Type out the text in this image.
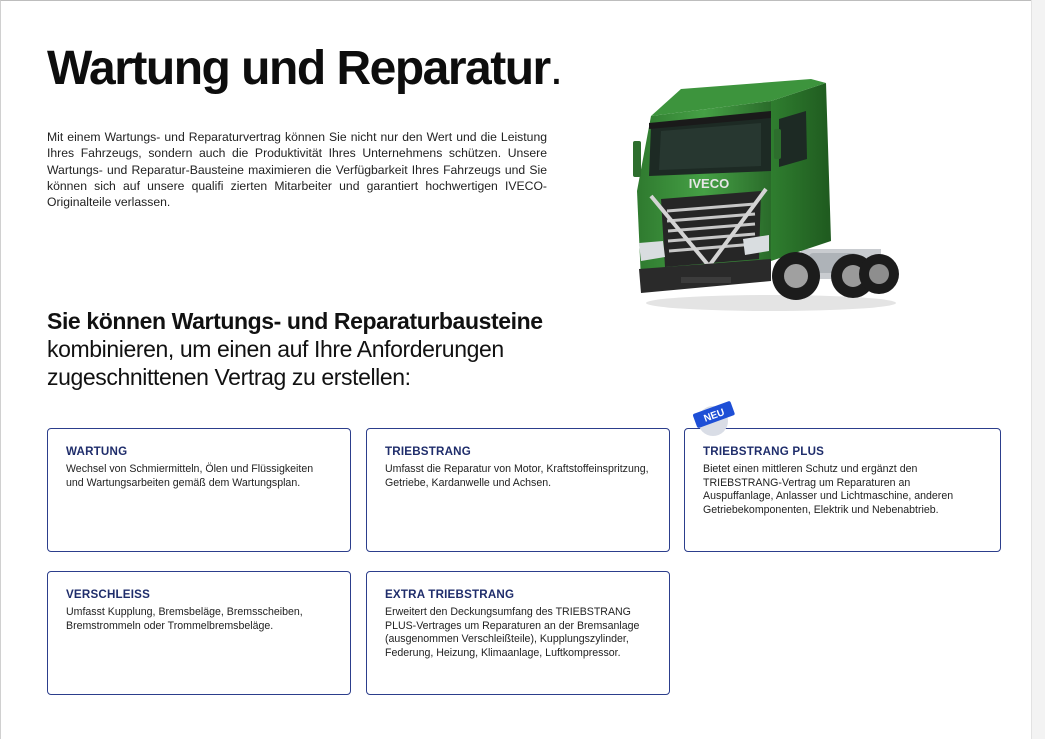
Wartung und Reparatur.

Mit einem Wartungs- und Reparaturvertrag können Sie nicht nur den Wert und die Leistung Ihres Fahrzeugs, sondern auch die Produktivität Ihres Unternehmens schützen. Unsere Wartungs- und Reparatur-Bausteine maximieren die Verfügbarkeit Ihres Fahrzeugs und Sie können sich auf unsere qualifi zierten Mitarbeiter und garantiert hochwertigen IVECO-Originalteile verlassen.

IVECO
Sie können Wartungs- und Reparaturbausteine
kombinieren, um einen auf Ihre Anforderungen
zugeschnittenen Vertrag zu erstellen:
WARTUNG

Wechsel von Schmiermitteln, Ölen und Flüssigkeiten und Wartungsarbeiten gemäß dem Wartungsplan.

TRIEBSTRANG

Umfasst die Reparatur von Motor, Kraftstoffeinspritzung, Getriebe, Kardanwelle und Achsen.

TRIEBSTRANG PLUS

Bietet einen mittleren Schutz und ergänzt den TRIEBSTRANG-Vertrag um Reparaturen an Auspuffanlage, Anlasser und Lichtmaschine, anderen Getriebekomponenten, Elektrik und Nebenabtrieb.

VERSCHLEISS

Umfasst Kupplung, Bremsbeläge, Bremsscheiben, Bremstrommeln oder Trommelbremsbeläge.

EXTRA TRIEBSTRANG

Erweitert den Deckungsumfang des TRIEBSTRANG PLUS-Vertrages um Reparaturen an der Bremsanlage (ausgenommen Verschleißteile), Kupplungszylinder, Federung, Heizung, Klimaanlage, Luftkompressor.

NEU
